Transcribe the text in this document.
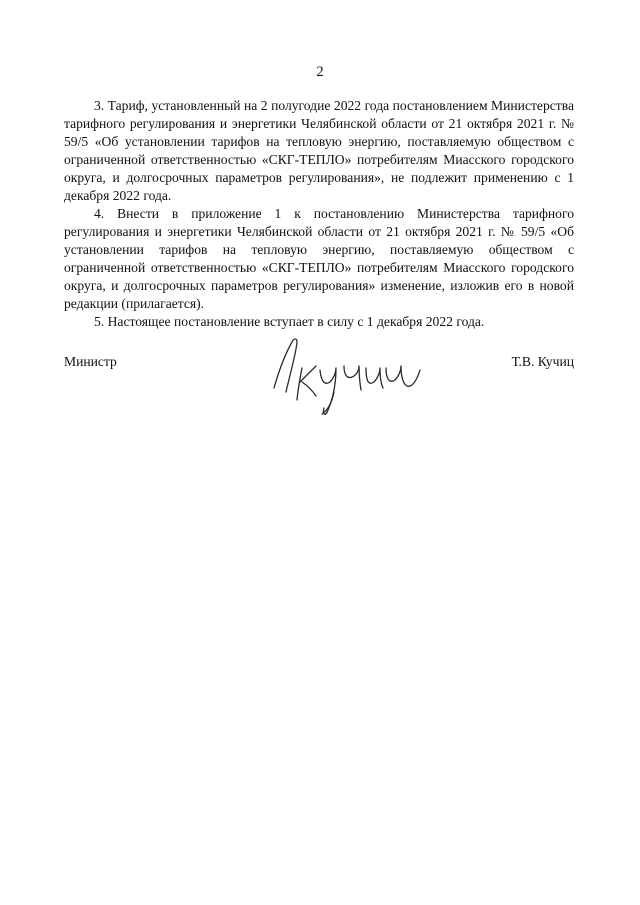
2

3. Тариф, установленный на 2 полугодие 2022 года постановлением Министерства тарифного регулирования и энергетики Челябинской области от 21 октября 2021 г. № 59/5 «Об установлении тарифов на тепловую энергию, поставляемую обществом с ограниченной ответственностью «СКГ-ТЕПЛО» потребителям Миасского городского округа, и долгосрочных параметров регулирования», не подлежит применению с 1 декабря 2022 года.

4. Внести в приложение 1 к постановлению Министерства тарифного регулирования и энергетики Челябинской области от 21 октября 2021 г. № 59/5 «Об установлении тарифов на тепловую энергию, поставляемую обществом с ограниченной ответственностью «СКГ-ТЕПЛО» потребителям Миасского городского округа, и долгосрочных параметров регулирования» изменение, изложив его в новой редакции (прилагается).

5. Настоящее постановление вступает в силу с 1 декабря 2022 года.

Министр	Т.В. Кучиц
